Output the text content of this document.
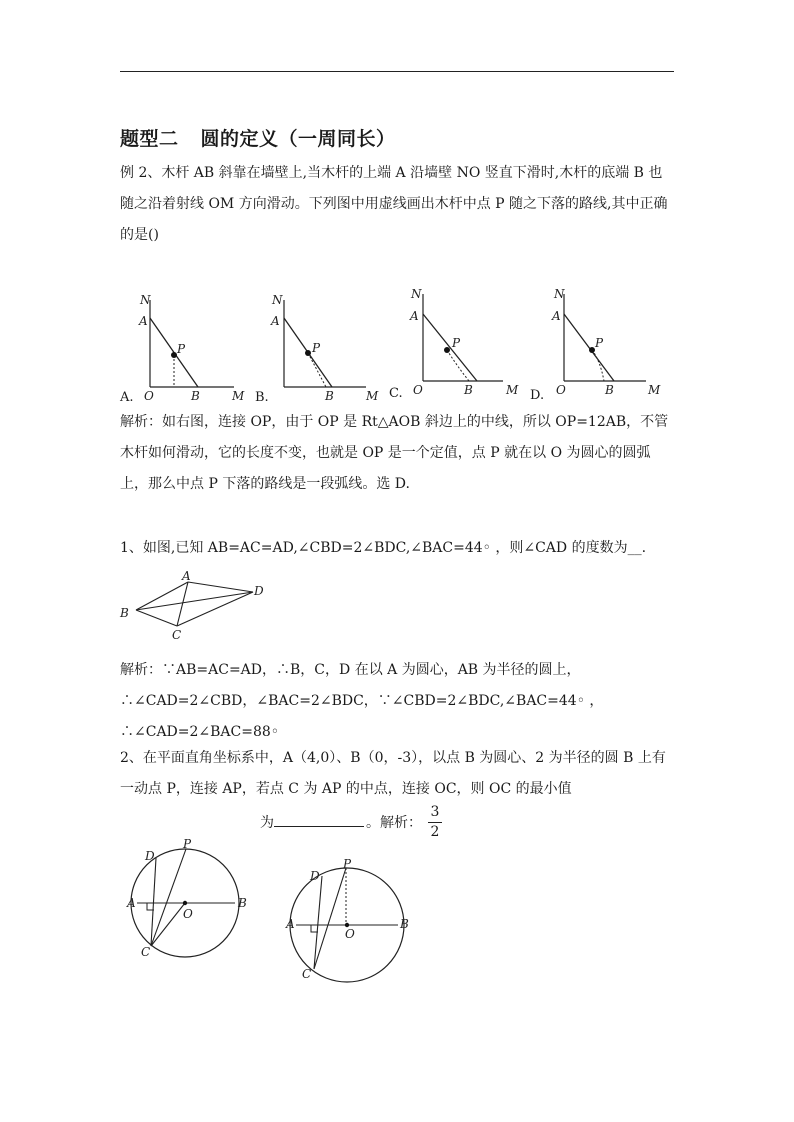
题型二 圆的定义（一周同长）

例 2、木杆 AB 斜靠在墙壁上,当木杆的上端 A 沿墙壁 NO 竖直下滑时,木杆的底端 B 也随之沿着射线 OM 方向滑动。下列图中用虚线画出木杆中点 P 随之下落的路线,其中正确的是()

N
A
P
O	B	M
A.
N
A
P
B	M
B.
N
A
P
O	B	M
C.
N
A
P
O	B	M
D.

解析：如右图，连接 OP，由于 OP 是 Rt△AOB 斜边上的中线，所以 OP=12AB，不管木杆如何滑动，它的长度不变，也就是 OP 是一个定值，点 P 就在以 O 为圆心的圆弧上，那么中点 P 下落的路线是一段弧线。选 D.

1、如图,已知 AB=AC=AD,∠CBD=2∠BDC,∠BAC=44◦ ，则∠CAD 的度数为__.

A
B
C
D

解析：∵AB=AC=AD，∴B，C，D 在以 A 为圆心，AB 为半径的圆上，∴∠CAD=2∠CBD，∠BAC=2∠BDC，∵∠CBD=2∠BDC,∠BAC=44◦ ，∴∠CAD=2∠BAC=88◦

2、在平面直角坐标系中，A（4,0）、B（0，-3），以点 B 为圆心、2 为半径的圆 B 上有一动点 P，连接 AP，若点 C 为 AP 的中点，连接 OC，则 OC 的最小值

为	。解析：
3
2
D
P
A
O
B
C
D
P
A
O
B
C
